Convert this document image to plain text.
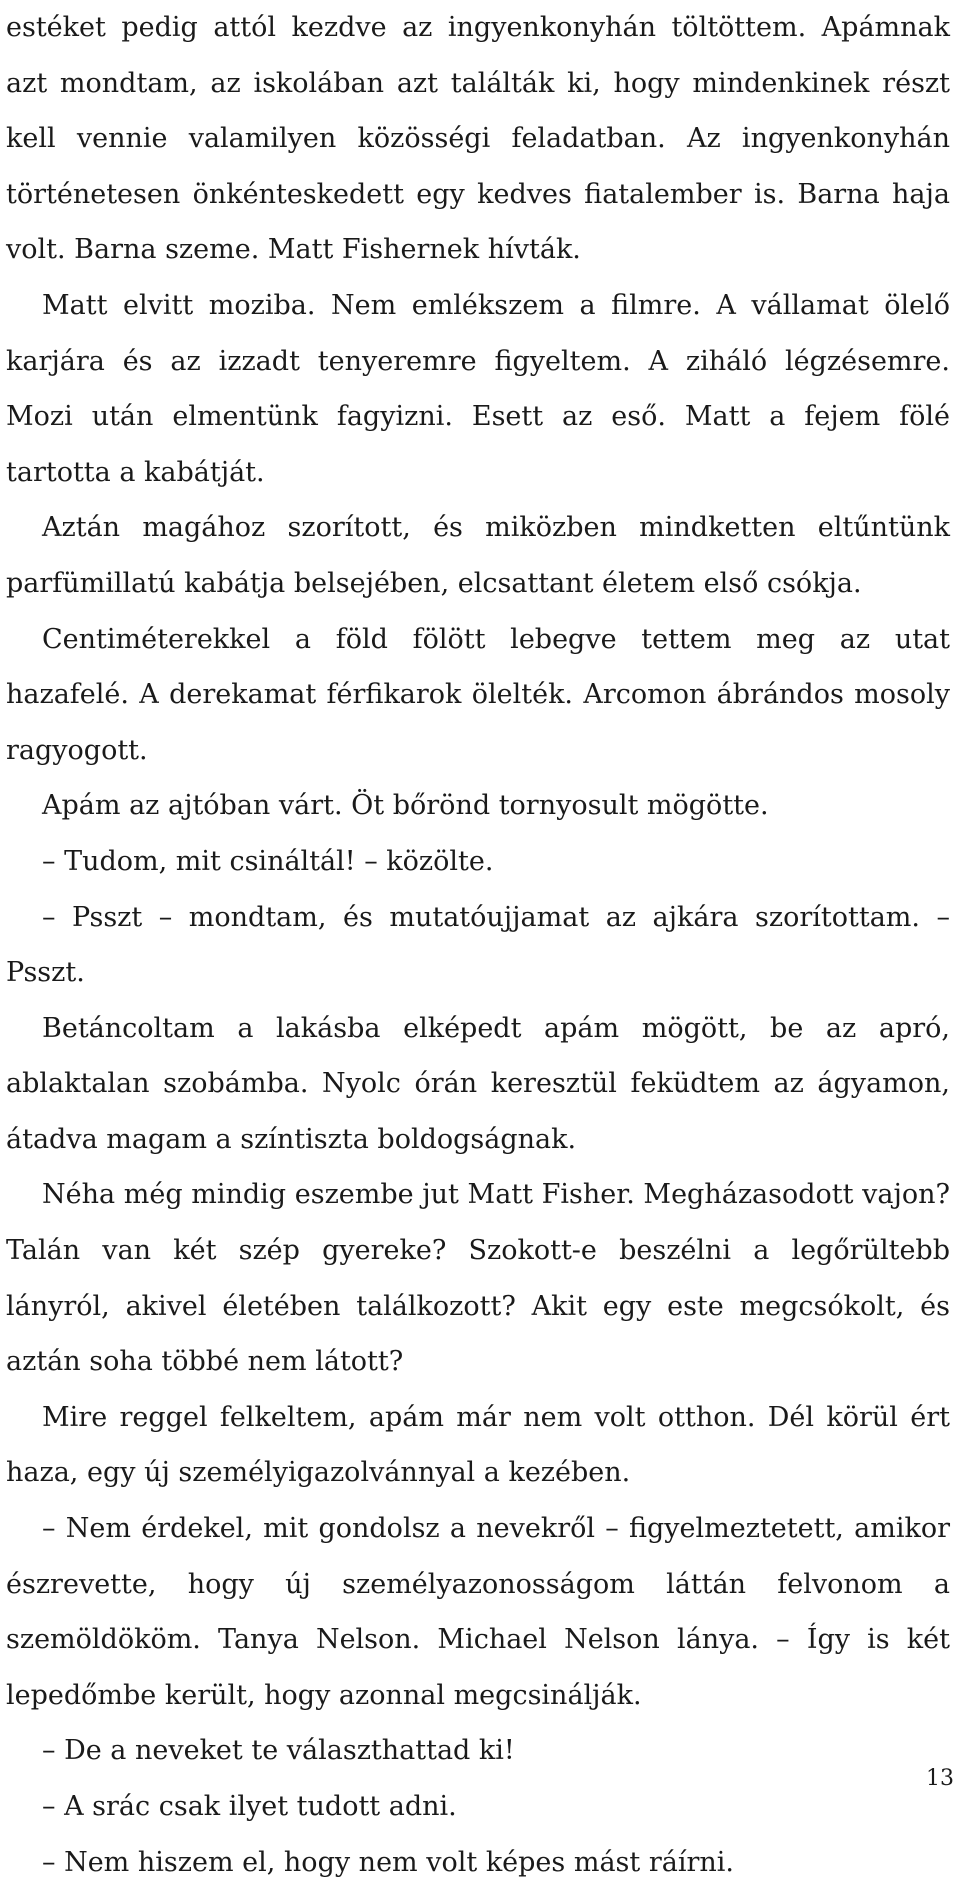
estéket pedig attól kezdve az ingyenkonyhán töltöttem. Apámnak azt mondtam, az iskolában azt találták ki, hogy mindenkinek részt kell vennie valamilyen közösségi feladatban. Az ingyenkonyhán történetesen önkénteskedett egy kedves fiatalember is. Barna haja volt. Barna szeme. Matt Fishernek hívták.

Matt elvitt moziba. Nem emlékszem a filmre. A vállamat ölelő karjára és az izzadt tenyeremre figyeltem. A ziháló légzésemre. Mozi után elmentünk fagyizni. Esett az eső. Matt a fejem fölé tartotta a kabátját.

Aztán magához szorított, és miközben mindketten eltűntünk parfümillatú kabátja belsejében, elcsattant életem első csókja.

Centiméterekkel a föld fölött lebegve tettem meg az utat hazafelé. A derekamat férfikarok ölelték. Arcomon ábrándos mosoly ragyogott.

Apám az ajtóban várt. Öt bőrönd tornyosult mögötte.

– Tudom, mit csináltál! – közölte.

– Psszt – mondtam, és mutatóujjamat az ajkára szorítottam. – Psszt.

Betáncoltam a lakásba elképedt apám mögött, be az apró, ablaktalan szobámba. Nyolc órán keresztül feküdtem az ágyamon, átadva magam a színtiszta boldogságnak.

Néha még mindig eszembe jut Matt Fisher. Megházasodott vajon? Talán van két szép gyereke? Szokott-e beszélni a legőrültebb lányról, akivel életében találkozott? Akit egy este megcsókolt, és aztán soha többé nem látott?

Mire reggel felkeltem, apám már nem volt otthon. Dél körül ért haza, egy új személyigazolvánnyal a kezében.

– Nem érdekel, mit gondolsz a nevekről – figyelmeztetett, amikor észrevette, hogy új személyazonosságom láttán felvonom a szemöldököm. Tanya Nelson. Michael Nelson lánya. – Így is két lepedőmbe került, hogy azonnal megcsinálják.

– De a neveket te választhattad ki!

– A srác csak ilyet tudott adni.

– Nem hiszem el, hogy nem volt képes mást ráírni.

13
